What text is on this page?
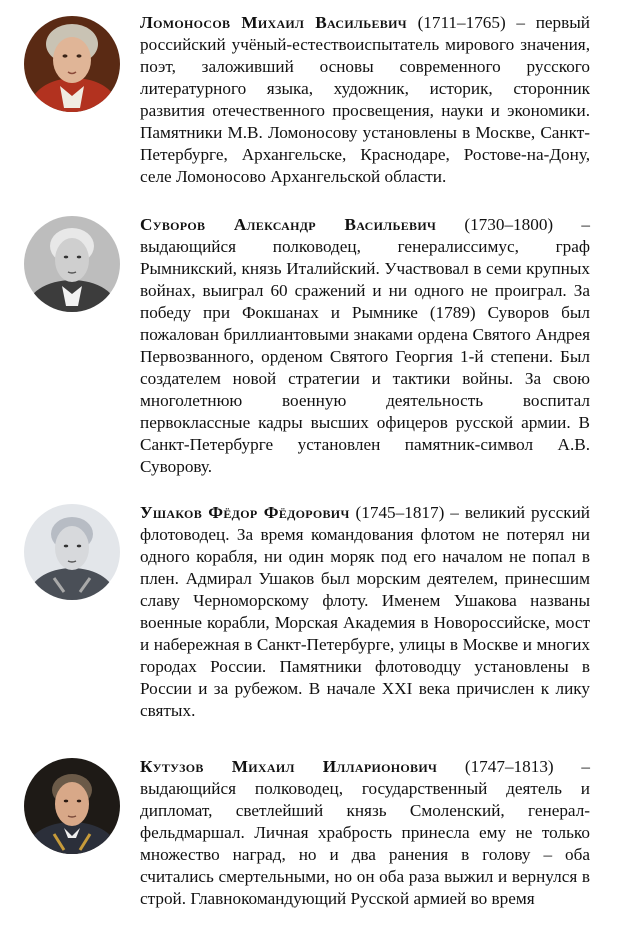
Ломоносов Михаил Васильевич (1711–1765) – первый российский учёный-естествоиспытатель мирового значения, поэт, заложивший основы современного русского литературного языка, художник, историк, сторонник развития отечественного просвещения, науки и экономики. Памятники М.В. Ломоносову установлены в Москве, Санкт-Петербурге, Архангельске, Краснодаре, Ростове-на-Дону, селе Ломоносово Архангельской области.
Суворов Александр Васильевич (1730–1800) – выдающийся полководец, генералиссимус, граф Рымникский, князь Италийский. Участвовал в семи крупных войнах, выиграл 60 сражений и ни одного не проиграл. За победу при Фокшанах и Рымнике (1789) Суворов был пожалован бриллиантовыми знаками ордена Святого Андрея Первозванного, орденом Святого Георгия 1-й степени. Был создателем новой стратегии и тактики войны. За свою многолетнюю военную деятельность воспитал первоклассные кадры высших офицеров русской армии. В Санкт-Петербурге установлен памятник-символ А.В. Суворову.
Ушаков Фёдор Фёдорович (1745–1817) – великий русский флотоводец. За время командования флотом не потерял ни одного корабля, ни один моряк под его началом не попал в плен. Адмирал Ушаков был морским деятелем, принесшим славу Черноморскому флоту. Именем Ушакова названы военные корабли, Морская Академия в Новороссийске, мост и набережная в Санкт-Петербурге, улицы в Москве и многих городах России. Памятники флотоводцу установлены в России и за рубежом. В начале XXI века причислен к лику святых.
Кутузов Михаил Илларионович (1747–1813) – выдающийся полководец, государственный деятель и дипломат, светлейший князь Смоленский, генерал-фельдмаршал. Личная храбрость принесла ему не только множество наград, но и два ранения в голову – оба считались смертельными, но он оба раза выжил и вернулся в строй. Главнокомандующий Русской армией во время
